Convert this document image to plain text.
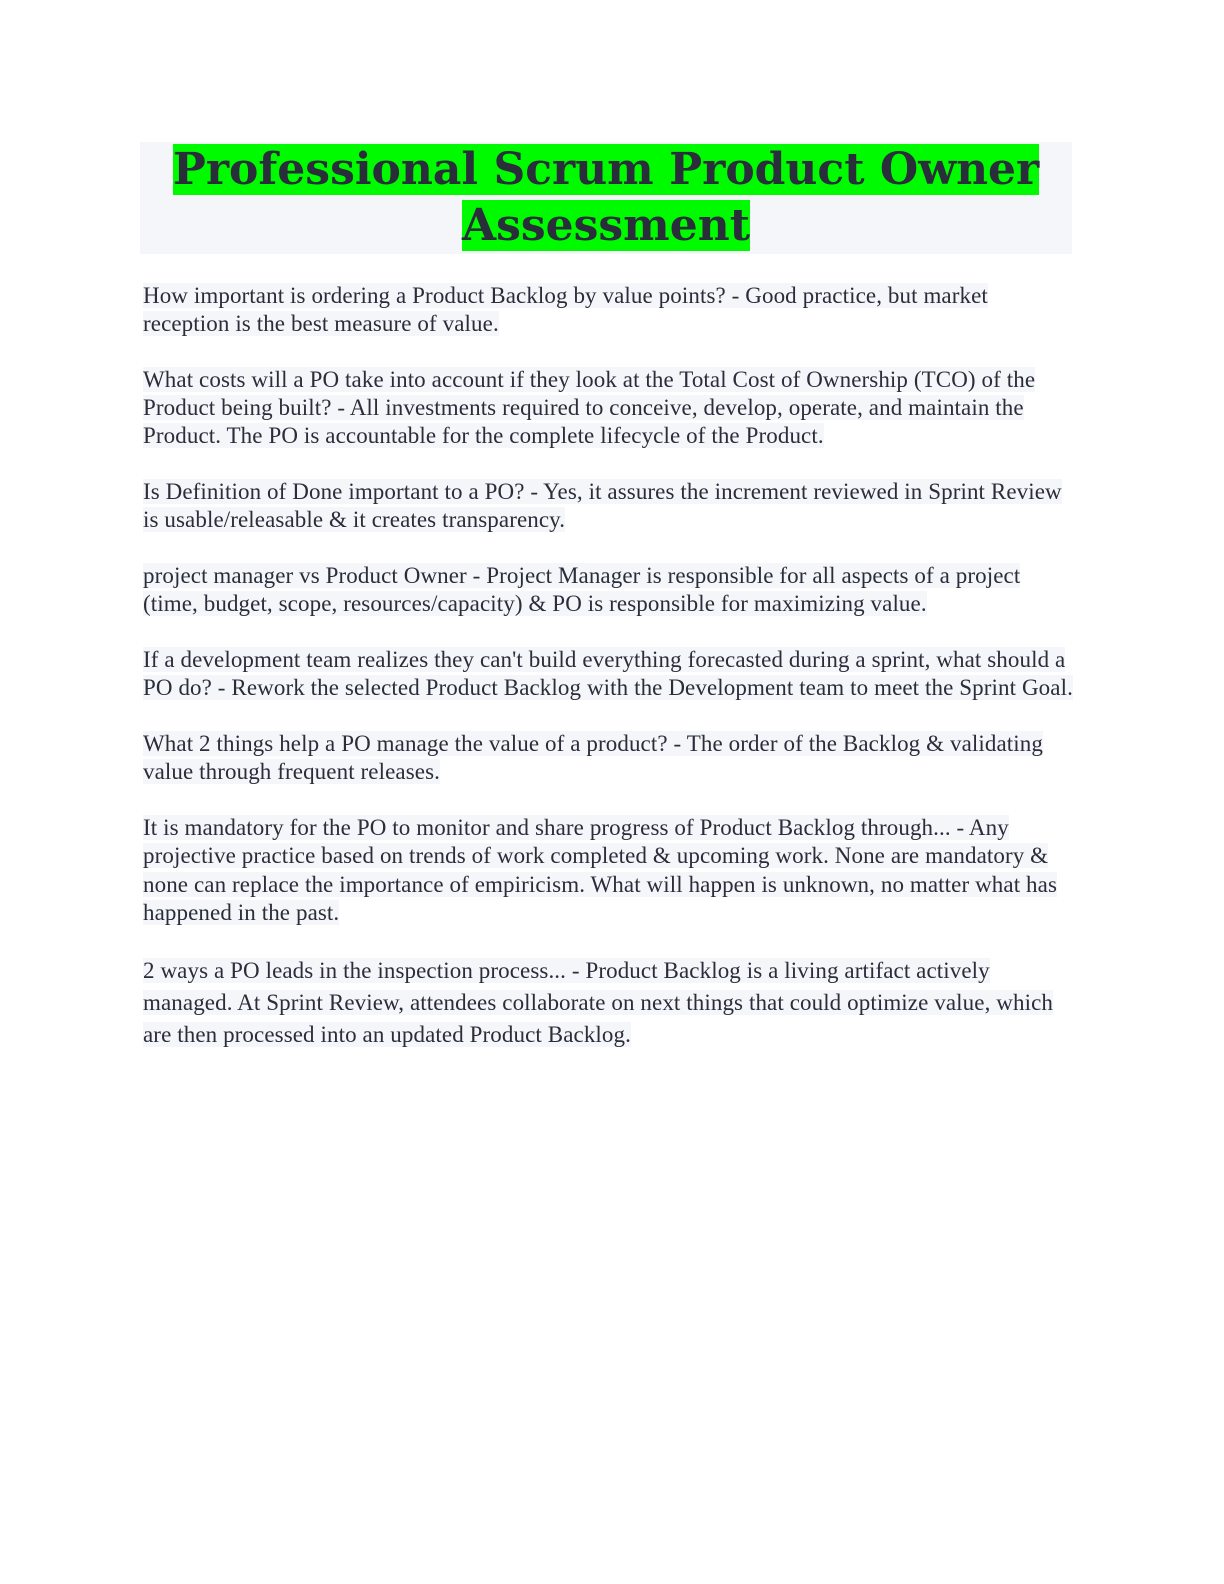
Professional Scrum Product Owner Assessment

How important is ordering a Product Backlog by value points? - Good practice, but market reception is the best measure of value.

What costs will a PO take into account if they look at the Total Cost of Ownership (TCO) of the Product being built? - All investments required to conceive, develop, operate, and maintain the Product. The PO is accountable for the complete lifecycle of the Product.

Is Definition of Done important to a PO? - Yes, it assures the increment reviewed in Sprint Review is usable/releasable & it creates transparency.

project manager vs Product Owner - Project Manager is responsible for all aspects of a project (time, budget, scope, resources/capacity) & PO is responsible for maximizing value.

If a development team realizes they can't build everything forecasted during a sprint, what should a PO do? - Rework the selected Product Backlog with the Development team to meet the Sprint Goal.

What 2 things help a PO manage the value of a product? - The order of the Backlog & validating value through frequent releases.

It is mandatory for the PO to monitor and share progress of Product Backlog through... - Any projective practice based on trends of work completed & upcoming work. None are mandatory & none can replace the importance of empiricism. What will happen is unknown, no matter what has happened in the past.

2 ways a PO leads in the inspection process... - Product Backlog is a living artifact actively managed. At Sprint Review, attendees collaborate on next things that could optimize value, which are then processed into an updated Product Backlog.
